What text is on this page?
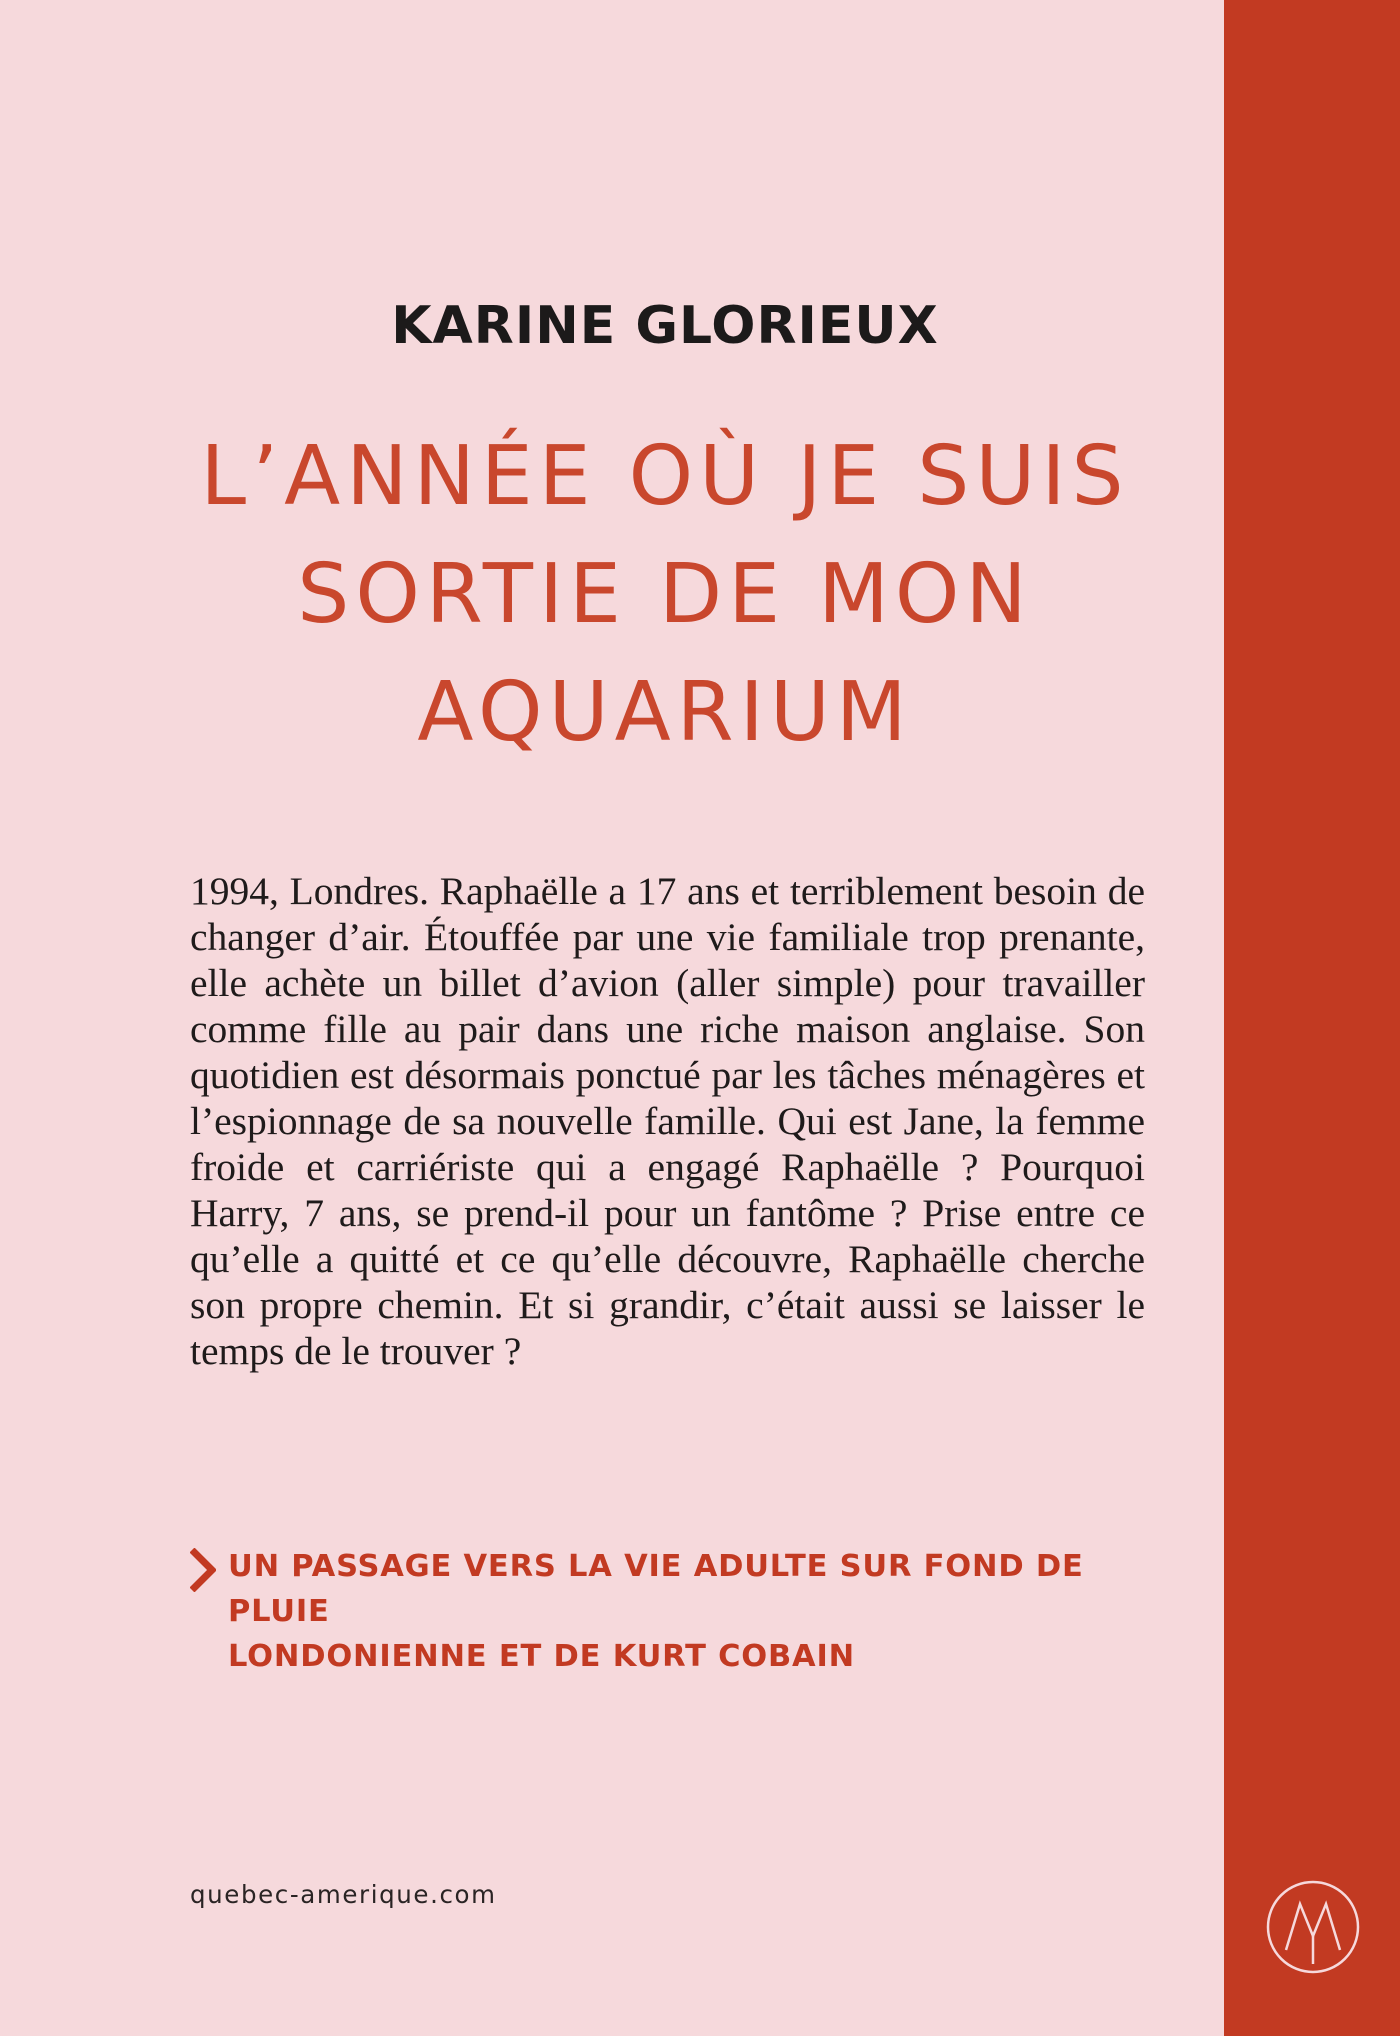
KARINE GLORIEUX
L’ANNÉE OÙ JE SUIS
SORTIE DE MON
AQUARIUM
1994, Londres. Raphaëlle a 17 ans et terriblement besoin de changer d’air. Étouffée par une vie familiale trop prenante, elle achète un billet d’avion (aller simple) pour travailler comme fille au pair dans une riche maison anglaise. Son quotidien est désormais ponctué par les tâches ménagères et l’espionnage de sa nouvelle famille. Qui est Jane, la femme froide et carriériste qui a engagé Raphaëlle ? Pourquoi Harry, 7 ans, se prend-il pour un fantôme ? Prise entre ce qu’elle a quitté et ce qu’elle découvre, Raphaëlle cherche son propre chemin. Et si grandir, c’était aussi se laisser le temps de le trouver ?
UN PASSAGE VERS LA VIE ADULTE SUR FOND DE PLUIE
LONDONIENNE ET DE KURT COBAIN
quebec-amerique.com
